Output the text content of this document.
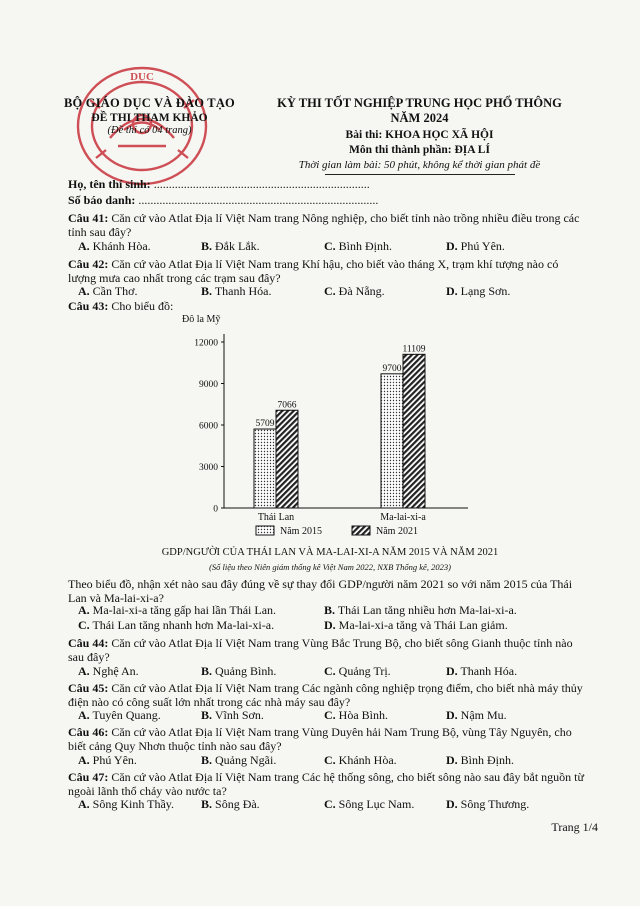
DỤC
BỘ GIÁO DỤC VÀ ĐÀO TẠO
ĐỀ THI THAM KHẢO
(Đề thi có 04 trang)
KỲ THI TỐT NGHIỆP TRUNG HỌC PHỔ THÔNG NĂM 2024
Bài thi: KHOA HỌC XÃ HỘI
Môn thi thành phần: ĐỊA LÍ
Thời gian làm bài: 50 phút, không kể thời gian phát đề
Họ, tên thí sinh: ........................................................................
Số báo danh: ................................................................................
Câu 41: Căn cứ vào Atlat Địa lí Việt Nam trang Nông nghiệp, cho biết tỉnh nào trồng nhiều điều trong các tỉnh sau đây?
A. Khánh Hòa.	B. Đắk Lắk.	C. Bình Định.	D. Phú Yên.
Câu 42: Căn cứ vào Atlat Địa lí Việt Nam trang Khí hậu, cho biết vào tháng X, trạm khí tượng nào có lượng mưa cao nhất trong các trạm sau đây?
A. Cần Thơ.	B. Thanh Hóa.	C. Đà Nẵng.	D. Lạng Sơn.
Câu 43: Cho biểu đồ:
Đô la Mỹ
0
3000
6000
9000
12000
5709
7066
Thái Lan
9700
11109
Ma-lai-xi-a
Năm 2015	Năm 2021
GDP/NGƯỜI CỦA THÁI LAN VÀ MA-LAI-XI-A NĂM 2015 VÀ NĂM 2021
(Số liệu theo Niên giám thống kê Việt Nam 2022, NXB Thống kê, 2023)
Theo biểu đồ, nhận xét nào sau đây đúng về sự thay đổi GDP/người năm 2021 so với năm 2015 của Thái Lan và Ma-lai-xi-a?
A. Ma-lai-xi-a tăng gấp hai lần Thái Lan.	B. Thái Lan tăng nhiều hơn Ma-lai-xi-a.
C. Thái Lan tăng nhanh hơn Ma-lai-xi-a.	D. Ma-lai-xi-a tăng và Thái Lan giảm.
Câu 44: Căn cứ vào Atlat Địa lí Việt Nam trang Vùng Bắc Trung Bộ, cho biết sông Gianh thuộc tỉnh nào sau đây?
A. Nghệ An.	B. Quảng Bình.	C. Quảng Trị.	D. Thanh Hóa.
Câu 45: Căn cứ vào Atlat Địa lí Việt Nam trang Các ngành công nghiệp trọng điểm, cho biết nhà máy thủy điện nào có công suất lớn nhất trong các nhà máy sau đây?
A. Tuyên Quang.	B. Vĩnh Sơn.	C. Hòa Bình.	D. Nậm Mu.
Câu 46: Căn cứ vào Atlat Địa lí Việt Nam trang Vùng Duyên hải Nam Trung Bộ, vùng Tây Nguyên, cho biết cảng Quy Nhơn thuộc tỉnh nào sau đây?
A. Phú Yên.	B. Quảng Ngãi.	C. Khánh Hòa.	D. Bình Định.
Câu 47: Căn cứ vào Atlat Địa lí Việt Nam trang Các hệ thống sông, cho biết sông nào sau đây bắt nguồn từ ngoài lãnh thổ chảy vào nước ta?
A. Sông Kinh Thầy. B. Sông Đà.	C. Sông Lục Nam.	D. Sông Thương.
Trang 1/4
